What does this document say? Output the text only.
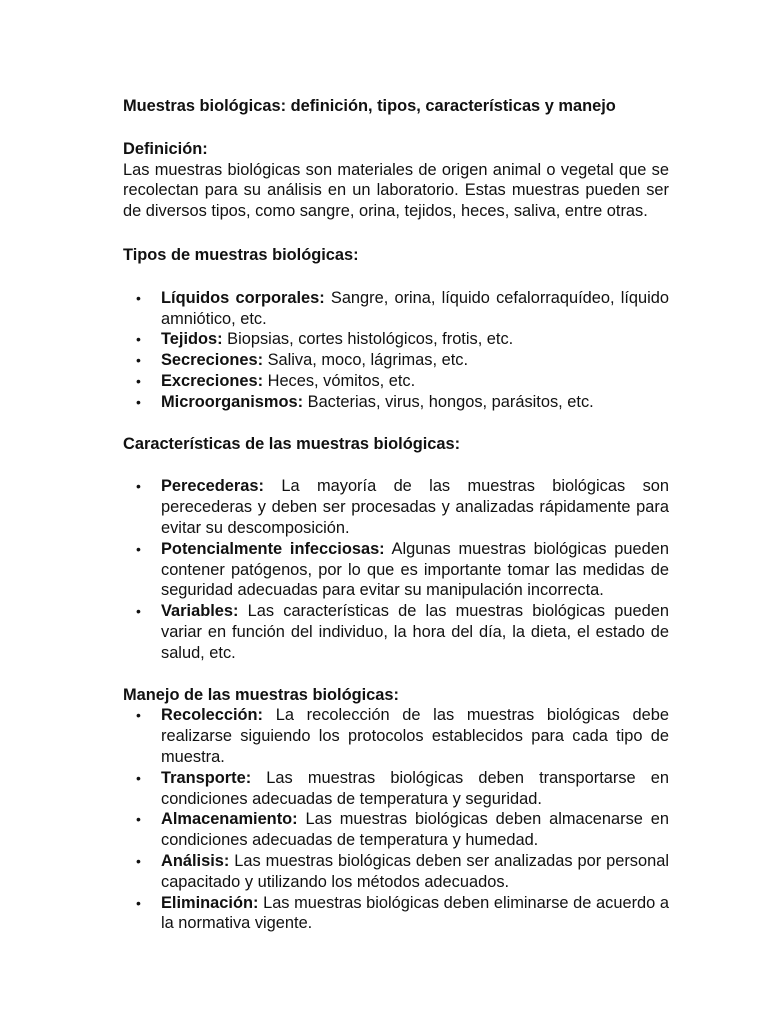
Muestras biológicas: definición, tipos, características y manejo

Definición:

Las muestras biológicas son materiales de origen animal o vegetal que se recolectan para su análisis en un laboratorio. Estas muestras pueden ser de diversos tipos, como sangre, orina, tejidos, heces, saliva, entre otras.

Tipos de muestras biológicas:

• Líquidos corporales: Sangre, orina, líquido cefalorraquídeo, líquido amniótico, etc.
• Tejidos: Biopsias, cortes histológicos, frotis, etc.
• Secreciones: Saliva, moco, lágrimas, etc.
• Excreciones: Heces, vómitos, etc.
• Microorganismos: Bacterias, virus, hongos, parásitos, etc.

Características de las muestras biológicas:

• Perecederas: La mayoría de las muestras biológicas son perecederas y deben ser procesadas y analizadas rápidamente para evitar su descomposición.
• Potencialmente infecciosas: Algunas muestras biológicas pueden contener patógenos, por lo que es importante tomar las medidas de seguridad adecuadas para evitar su manipulación incorrecta.
• Variables: Las características de las muestras biológicas pueden variar en función del individuo, la hora del día, la dieta, el estado de salud, etc.

Manejo de las muestras biológicas:

• Recolección: La recolección de las muestras biológicas debe realizarse siguiendo los protocolos establecidos para cada tipo de muestra.
• Transporte: Las muestras biológicas deben transportarse en condiciones adecuadas de temperatura y seguridad.
• Almacenamiento: Las muestras biológicas deben almacenarse en condiciones adecuadas de temperatura y humedad.
• Análisis: Las muestras biológicas deben ser analizadas por personal capacitado y utilizando los métodos adecuados.
• Eliminación: Las muestras biológicas deben eliminarse de acuerdo a la normativa vigente.
